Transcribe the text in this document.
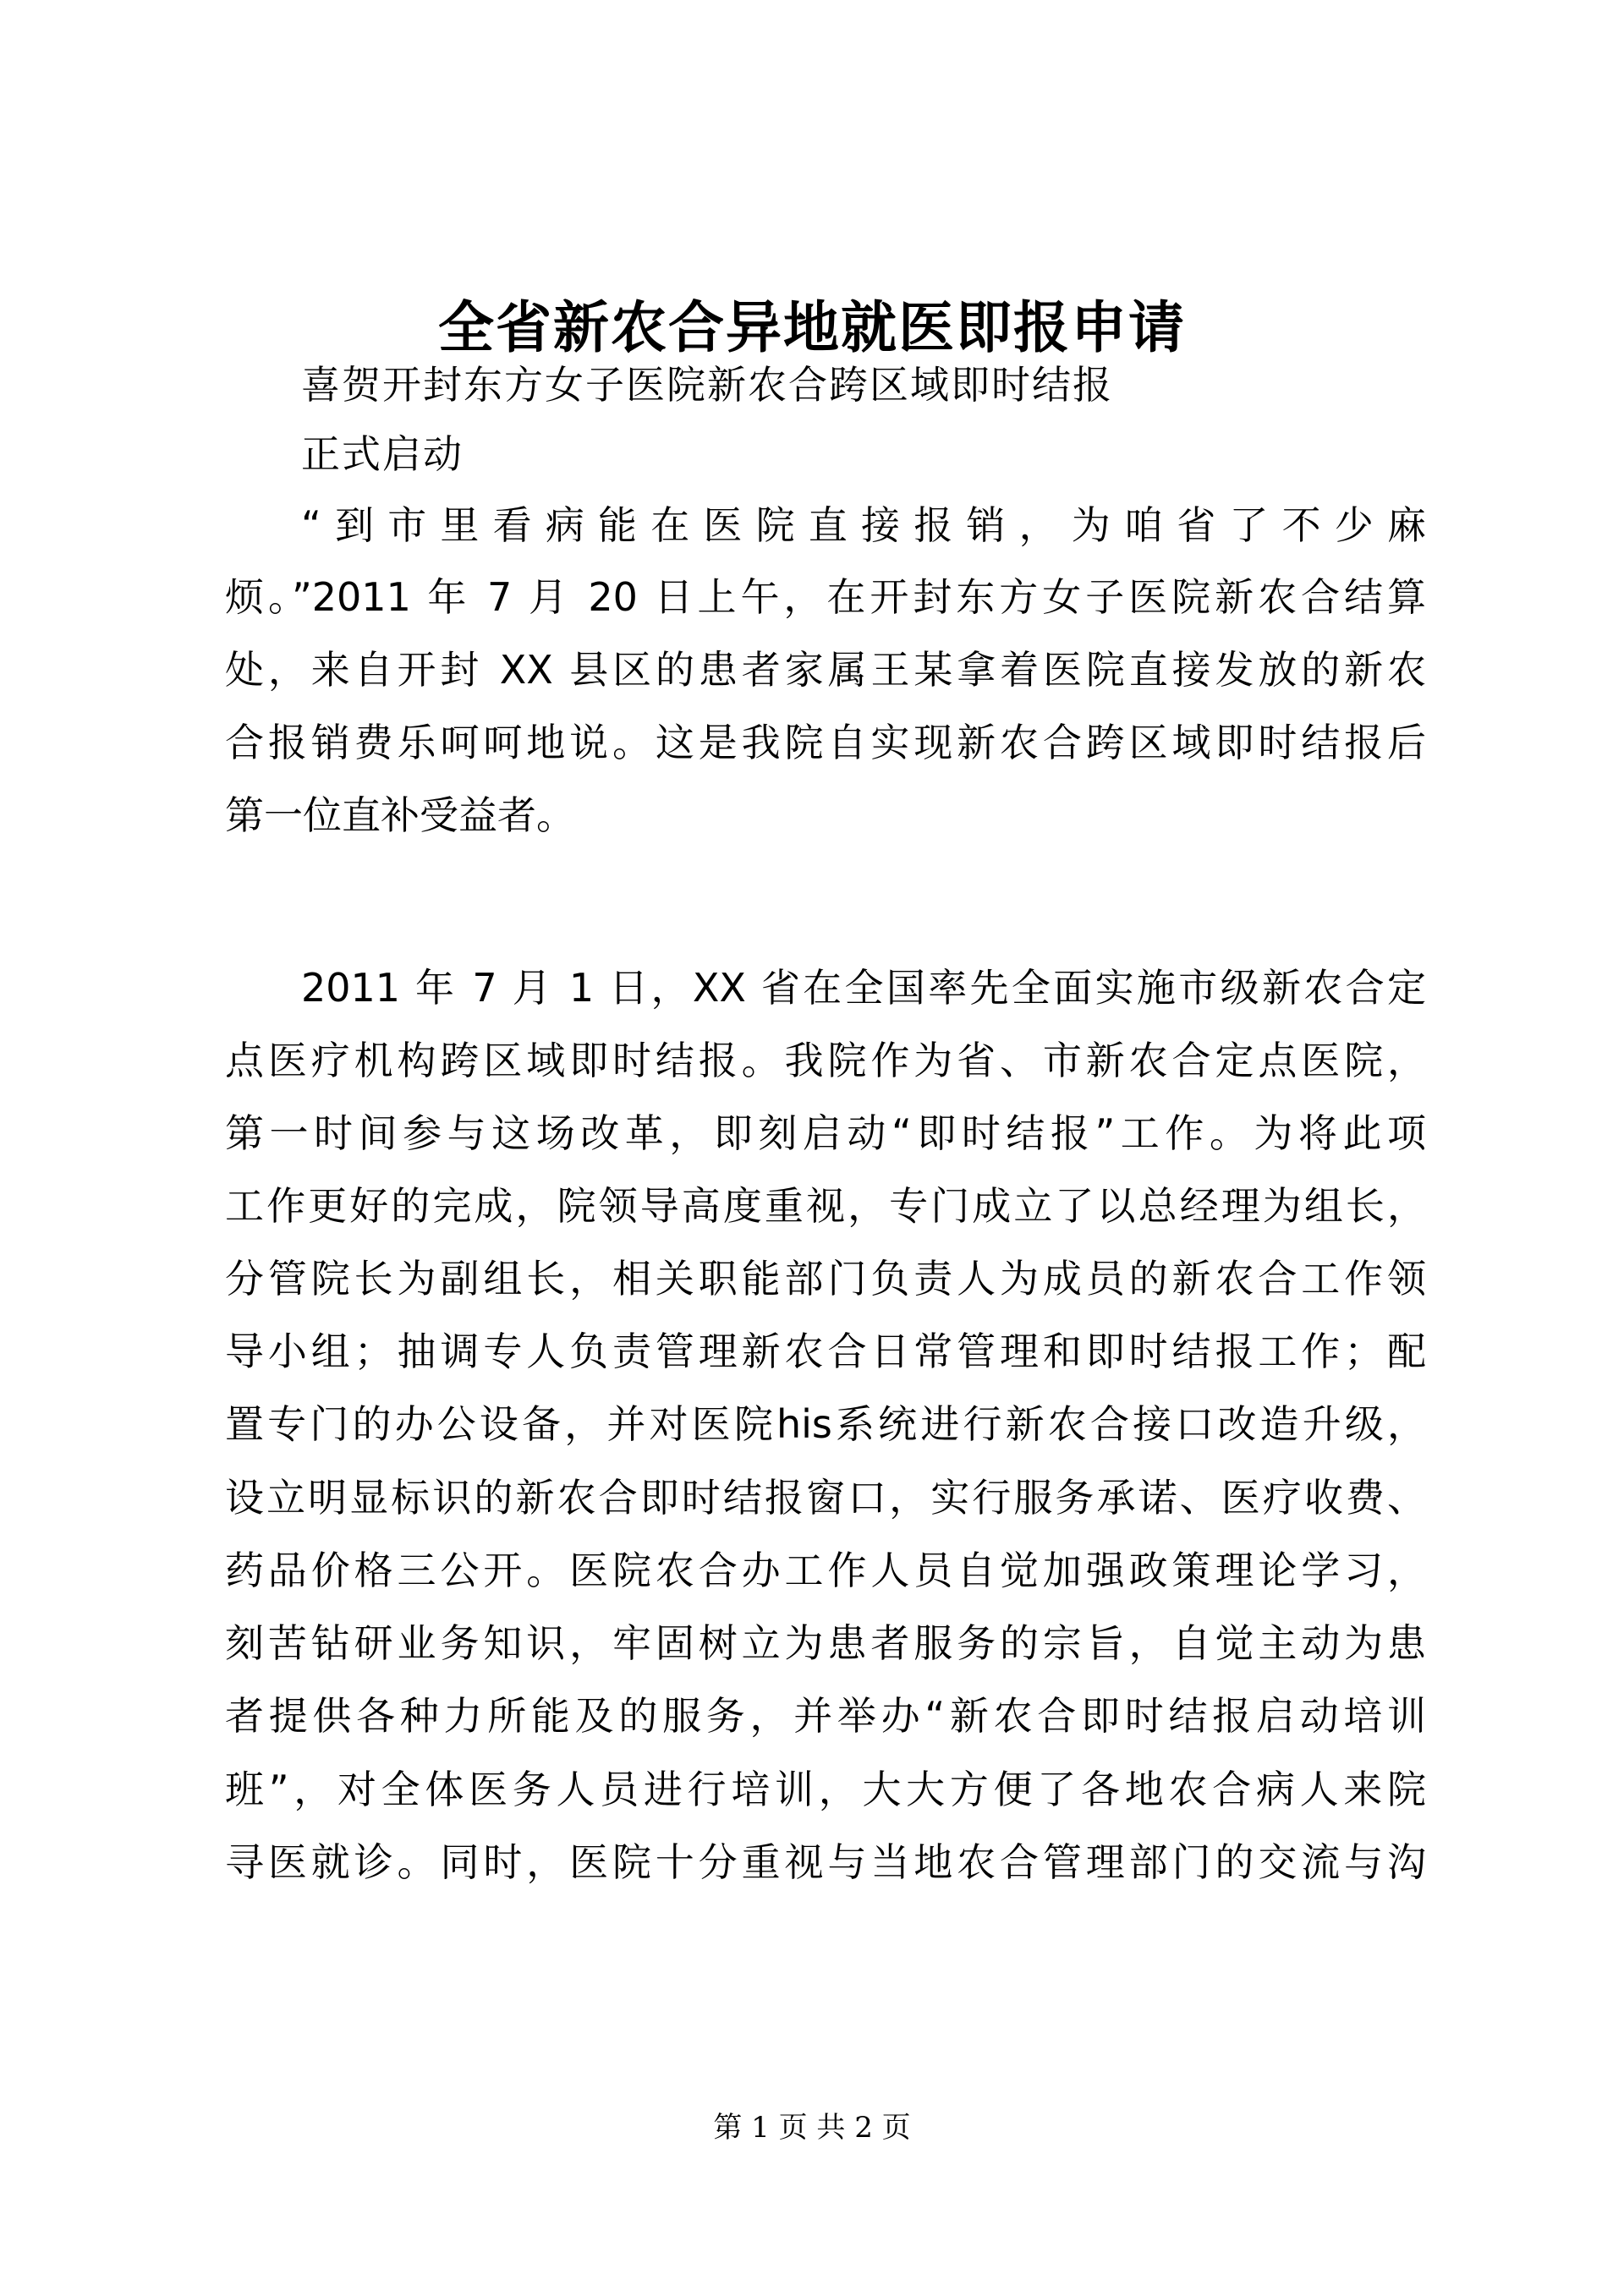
全省新农合异地就医即报申请
喜贺开封东方女子医院新农合跨区域即时结报
正式启动
“到市里看病能在医院直接报销，为咱省了不少麻
烦。”2011 年 7 月 20 日上午，在开封东方女子医院新农合结算
处，来自开封 XX 县区的患者家属王某拿着医院直接发放的新农
合报销费乐呵呵地说。这是我院自实现新农合跨区域即时结报后
第一位直补受益者。
2011 年 7 月 1 日，XX 省在全国率先全面实施市级新农合定
点医疗机构跨区域即时结报。我院作为省、市新农合定点医院，
第一时间参与这场改革，即刻启动“即时结报”工作。为将此项
工作更好的完成，院领导高度重视，专门成立了以总经理为组长，
分管院长为副组长，相关职能部门负责人为成员的新农合工作领
导小组；抽调专人负责管理新农合日常管理和即时结报工作；配
置专门的办公设备，并对医院his系统进行新农合接口改造升级，
设立明显标识的新农合即时结报窗口，实行服务承诺、医疗收费、
药品价格三公开。医院农合办工作人员自觉加强政策理论学习，
刻苦钻研业务知识，牢固树立为患者服务的宗旨，自觉主动为患
者提供各种力所能及的服务，并举办“新农合即时结报启动培训
班”，对全体医务人员进行培训，大大方便了各地农合病人来院
寻医就诊。同时，医院十分重视与当地农合管理部门的交流与沟
第 1 页 共 2 页
